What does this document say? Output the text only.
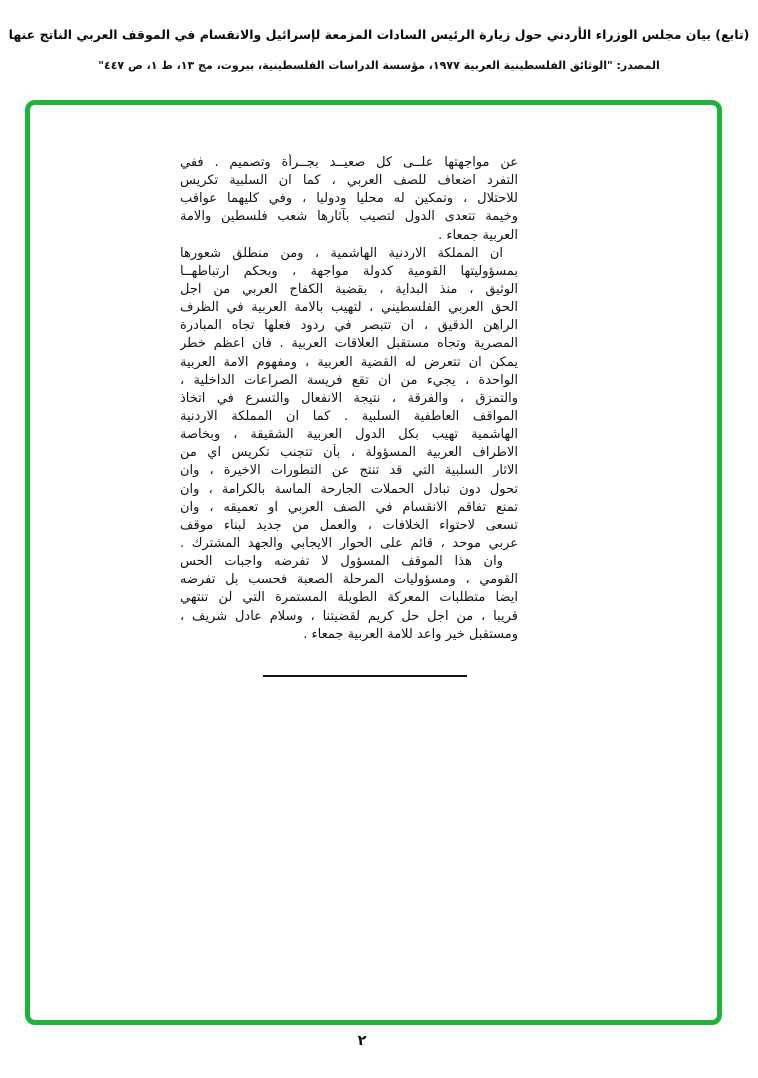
(تابع) بيان مجلس الوزراء الأردني حول زيارة الرئيس السادات المزمعة لإسرائيل والانقسام في الموقف العربي الناتج عنها
المصدر: "الوثائق الفلسطينية العربية ١٩٧٧، مؤسسة الدراسات الفلسطينية، بيروت، مج ١٣، ط ١، ص ٤٤٧"
عن مواجهتها علــى كل صعيــد بجــرأة وتصميم . ففي
التفرد اضعاف للصف العربي ، كما ان السلبية تكريس
للاحتلال ، وتمكين له محليا ودوليا ، وفي كليهما عواقب
وخيمة تتعدى الدول لتصيب بآثارها شعب فلسطين والامة
العربية جمعاء .
ان المملكة الاردنية الهاشمية ، ومن منطلق شعورها
بمسؤوليتها القومية كدولة مواجهة ، وبحكم ارتباطهــا
الوثيق ، منذ البداية ، بقضية الكفاح العربي من اجل
الحق العربي الفلسطيني ، لتهيب بالامة العربية في الظرف
الراهن الدقيق ، ان تتبصر في ردود فعلها تجاه المبادرة
المصرية وتجاه مستقبل العلاقات العربية . فان اعظم خطر
يمكن ان تتعرض له القضية العربية ، ومفهوم الامة العربية
الواحدة ، يجيء من ان تقع فريسة الصراعات الداخلية ،
والتمزق ، والفرقة ، نتيجة الانفعال والتسرع في اتخاذ
المواقف العاطفية السلبية . كما ان المملكة الاردنية
الهاشمية تهيب بكل الدول العربية الشقيقة ، وبخاصة
الاطراف العربية المسؤولة ، بأن تتجنب تكريس اي من
الاثار السلبية التي قد تنتج عن التطورات الاخيرة ، وان
تحول دون تبادل الحملات الجارحة الماسة بالكرامة ، وان
تمنع تفاقم الانقسام في الصف العربي او تعميقه ، وان
تسعى لاحتواء الخلافات ، والعمل من جديد لبناء موقف
عربي موحد ، قائم على الحوار الايجابي والجهد المشترك .
وان هذا الموقف المسؤول لا تفرضه واجبات الحس
القومي ، ومسؤوليات المرحلة الصعبة فحسب بل تفرضه
ايضا متطلبات المعركة الطويلة المستمرة التي لن تنتهي
قريبا ، من اجل حل كريم لقضيتنا ، وسلام عادل شريف ،
ومستقبل خير واعد للامة العربية جمعاء .
٢
